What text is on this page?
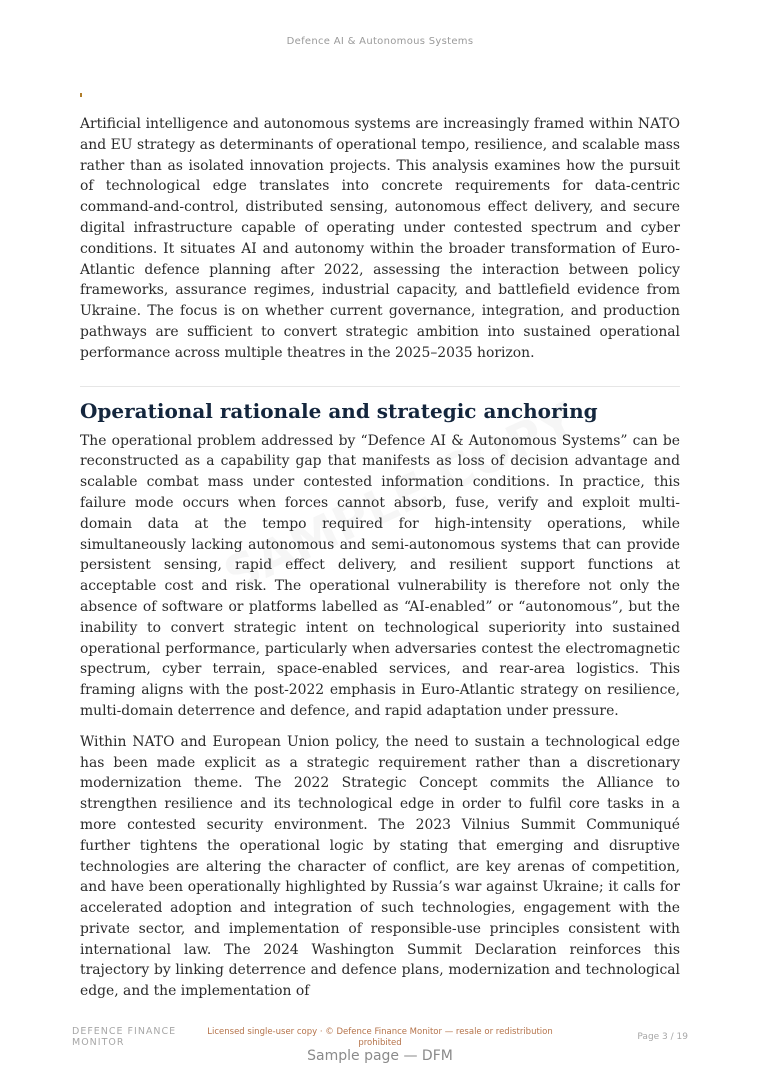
Defence AI & Autonomous Systems

Artificial intelligence and autonomous systems are increasingly framed within NATO and EU strategy as determinants of operational tempo, resilience, and scalable mass rather than as isolated innovation projects. This analysis examines how the pursuit of technological edge translates into concrete requirements for data-centric command-and-control, distributed sensing, autonomous effect delivery, and secure digital infrastructure capable of operating under contested spectrum and cyber conditions. It situates AI and autonomy within the broader transformation of Euro-Atlantic defence planning after 2022, assessing the interaction between policy frameworks, assurance regimes, industrial capacity, and battlefield evidence from Ukraine. The focus is on whether current governance, integration, and production pathways are sufficient to convert strategic ambition into sustained operational performance across multiple theatres in the 2025–2035 horizon.

Operational rationale and strategic anchoring

The operational problem addressed by “Defence AI & Autonomous Systems” can be reconstructed as a capability gap that manifests as loss of decision advantage and scalable combat mass under contested information conditions. In practice, this failure mode occurs when forces cannot absorb, fuse, verify and exploit multi-domain data at the tempo required for high-intensity operations, while simultaneously lacking autonomous and semi-autonomous systems that can provide persistent sensing, rapid effect delivery, and resilient support functions at acceptable cost and risk. The operational vulnerability is therefore not only the absence of software or platforms labelled as “AI-enabled” or “autonomous”, but the inability to convert strategic intent on technological superiority into sustained operational performance, particularly when adversaries contest the electromagnetic spectrum, cyber terrain, space-enabled services, and rear-area logistics. This framing aligns with the post-2022 emphasis in Euro-Atlantic strategy on resilience, multi-domain deterrence and defence, and rapid adaptation under pressure.

Within NATO and European Union policy, the need to sustain a technological edge has been made explicit as a strategic requirement rather than a discretionary modernization theme. The 2022 Strategic Concept commits the Alliance to strengthen resilience and its technological edge in order to fulfil core tasks in a more contested security environment. The 2023 Vilnius Summit Communiqué further tightens the operational logic by stating that emerging and disruptive technologies are altering the character of conflict, are key arenas of competition, and have been operationally highlighted by Russia’s war against Ukraine; it calls for accelerated adoption and integration of such technologies, engagement with the private sector, and implementation of responsible-use principles consistent with international law. The 2024 Washington Summit Declaration reinforces this trajectory by linking deterrence and defence plans, modernization and technological edge, and the implementation of

DEFENCE FINANCE
MONITOR
Licensed single-user copy · © Defence Finance Monitor — resale or redistribution
prohibited
Page 3 / 19
Sample page — DFM
